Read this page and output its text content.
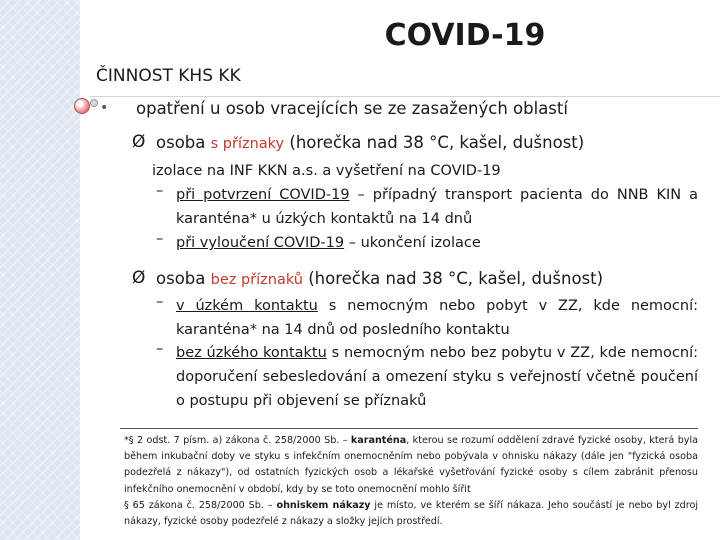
COVID-19
ČINNOST KHS KK
• opatření u osob vracejících se ze zasažených oblastí
Ø osoba s příznaky (horečka nad 38 °C, kašel, dušnost)
izolace na INF KKN a.s. a vyšetření na COVID-19
– při potvrzení COVID-19 – případný transport pacienta do NNB KIN a karanténa* u úzkých kontaktů na 14 dnů
– při vyloučení COVID-19 – ukončení izolace
Ø osoba bez příznaků (horečka nad 38 °C, kašel, dušnost)
– v úzkém kontaktu s nemocným nebo pobyt v ZZ, kde nemocní: karanténa* na 14 dnů od posledního kontaktu
– bez úzkého kontaktu s nemocným nebo bez pobytu v ZZ, kde nemocní: doporučení sebesledování a omezení styku s veřejností včetně poučení o postupu při objevení se příznaků
*§ 2 odst. 7 písm. a) zákona č. 258/2000 Sb. – karanténa, kterou se rozumí oddělení zdravé fyzické osoby, která byla během inkubační doby ve styku s infekčním onemocněním nebo pobývala v ohnisku nákazy (dále jen "fyzická osoba podezřelá z nákazy"), od ostatních fyzických osob a lékařské vyšetřování fyzické osoby s cílem zabránit přenosu infekčního onemocnění v období, kdy by se toto onemocnění mohlo šířit
§ 65 zákona č. 258/2000 Sb. – ohniskem nákazy je místo, ve kterém se šíří nákaza. Jeho součástí je nebo byl zdroj nákazy, fyzické osoby podezřelé z nákazy a složky jejich prostředí.
